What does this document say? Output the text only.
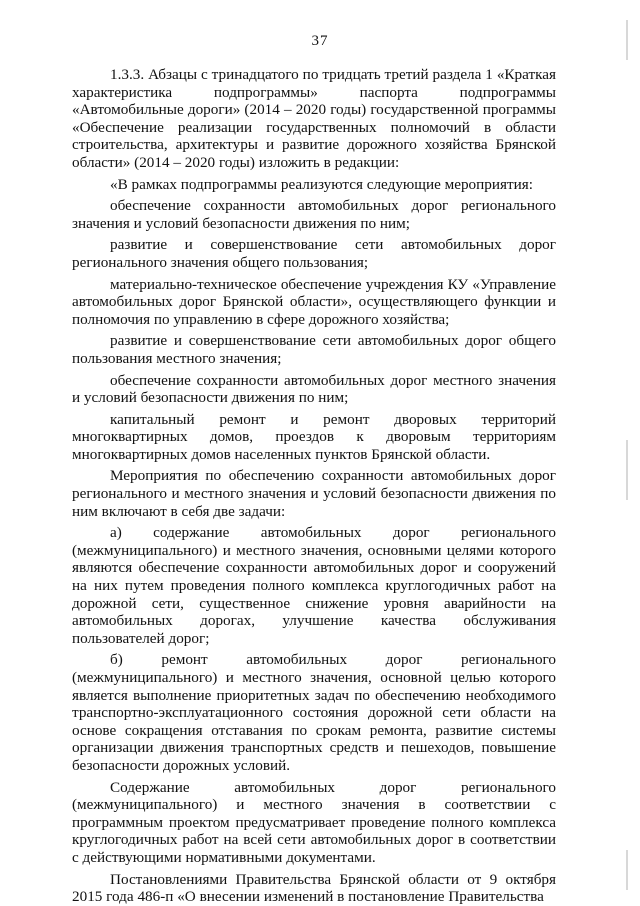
37

1.3.3. Абзацы с тринадцатого по тридцать третий раздела 1 «Краткая характеристика подпрограммы» паспорта подпрограммы «Автомобильные дороги» (2014 – 2020 годы) государственной программы «Обеспечение реализации государственных полномочий в области строительства, архитектуры и развитие дорожного хозяйства Брянской области» (2014 – 2020 годы) изложить в редакции:

«В рамках подпрограммы реализуются следующие мероприятия:

обеспечение сохранности автомобильных дорог регионального значения и условий безопасности движения по ним;

развитие и совершенствование сети автомобильных дорог регионального значения общего пользования;

материально-техническое обеспечение учреждения КУ «Управление автомобильных дорог Брянской области», осуществляющего функции и полномочия по управлению в сфере дорожного хозяйства;

развитие и совершенствование сети автомобильных дорог общего пользования местного значения;

обеспечение сохранности автомобильных дорог местного значения и условий безопасности движения по ним;

капитальный ремонт и ремонт дворовых территорий многоквартирных домов, проездов к дворовым территориям многоквартирных домов населенных пунктов Брянской области.

Мероприятия по обеспечению сохранности автомобильных дорог регионального и местного значения и условий безопасности движения по ним включают в себя две задачи:

а) содержание автомобильных дорог регионального (межмуниципального) и местного значения, основными целями которого являются обеспечение сохранности автомобильных дорог и сооружений на них путем проведения полного комплекса круглогодичных работ на дорожной сети, существенное снижение уровня аварийности на автомобильных дорогах, улучшение качества обслуживания пользователей дорог;

б) ремонт автомобильных дорог регионального (межмуниципального) и местного значения, основной целью которого является выполнение приоритетных задач по обеспечению необходимого транспортно-эксплуатационного состояния дорожной сети области на основе сокращения отставания по срокам ремонта, развитие системы организации движения транспортных средств и пешеходов, повышение безопасности дорожных условий.

Содержание автомобильных дорог регионального (межмуниципального) и местного значения в соответствии с программным проектом предусматривает проведение полного комплекса круглогодичных работ на всей сети автомобильных дорог в соответствии с действующими нормативными документами.

Постановлениями Правительства Брянской области от 9 октября 2015 года 486-п «О внесении изменений в постановление Правительства
